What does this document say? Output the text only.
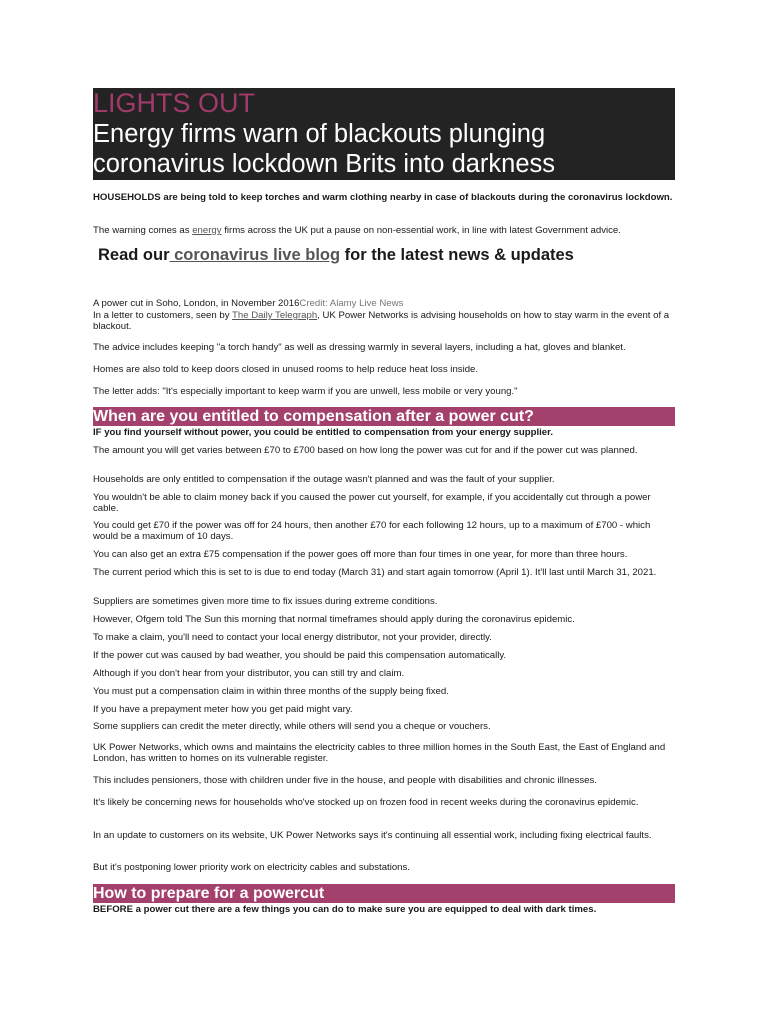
LIGHTS OUT
Energy firms warn of blackouts plunging coronavirus lockdown Brits into darkness

HOUSEHOLDS are being told to keep torches and warm clothing nearby in case of blackouts during the coronavirus lockdown.

The warning comes as energy firms across the UK put a pause on non-essential work, in line with latest Government advice.

Read our coronavirus live blog for the latest news & updates

A power cut in Soho, London, in November 2016Credit: Alamy Live News

In a letter to customers, seen by The Daily Telegraph, UK Power Networks is advising households on how to stay warm in the event of a blackout.

The advice includes keeping "a torch handy" as well as dressing warmly in several layers, including a hat, gloves and blanket.

Homes are also told to keep doors closed in unused rooms to help reduce heat loss inside.

The letter adds: "It's especially important to keep warm if you are unwell, less mobile or very young."

When are you entitled to compensation after a power cut?

IF you find yourself without power, you could be entitled to compensation from your energy supplier.

The amount you will get varies between £70 to £700 based on how long the power was cut for and if the power cut was planned.

Households are only entitled to compensation if the outage wasn't planned and was the fault of your supplier.

You wouldn't be able to claim money back if you caused the power cut yourself, for example, if you accidentally cut through a power cable.

You could get £70 if the power was off for 24 hours, then another £70 for each following 12 hours, up to a maximum of £700 - which would be a maximum of 10 days.

You can also get an extra £75 compensation if the power goes off more than four times in one year, for more than three hours.

The current period which this is set to is due to end today (March 31) and start again tomorrow (April 1). It'll last until March 31, 2021.

Suppliers are sometimes given more time to fix issues during extreme conditions.

However, Ofgem told The Sun this morning that normal timeframes should apply during the coronavirus epidemic.

To make a claim, you'll need to contact your local energy distributor, not your provider, directly.

If the power cut was caused by bad weather, you should be paid this compensation automatically.

Although if you don't hear from your distributor, you can still try and claim.

You must put a compensation claim in within three months of the supply being fixed.

If you have a prepayment meter how you get paid might vary.

Some suppliers can credit the meter directly, while others will send you a cheque or vouchers.

UK Power Networks, which owns and maintains the electricity cables to three million homes in the South East, the East of England and London, has written to homes on its vulnerable register.

This includes pensioners, those with children under five in the house, and people with disabilities and chronic illnesses.

It's likely be concerning news for households who've stocked up on frozen food in recent weeks during the coronavirus epidemic.

In an update to customers on its website, UK Power Networks says it's continuing all essential work, including fixing electrical faults.

But it's postponing lower priority work on electricity cables and substations.

How to prepare for a powercut

BEFORE a power cut there are a few things you can do to make sure you are equipped to deal with dark times.
